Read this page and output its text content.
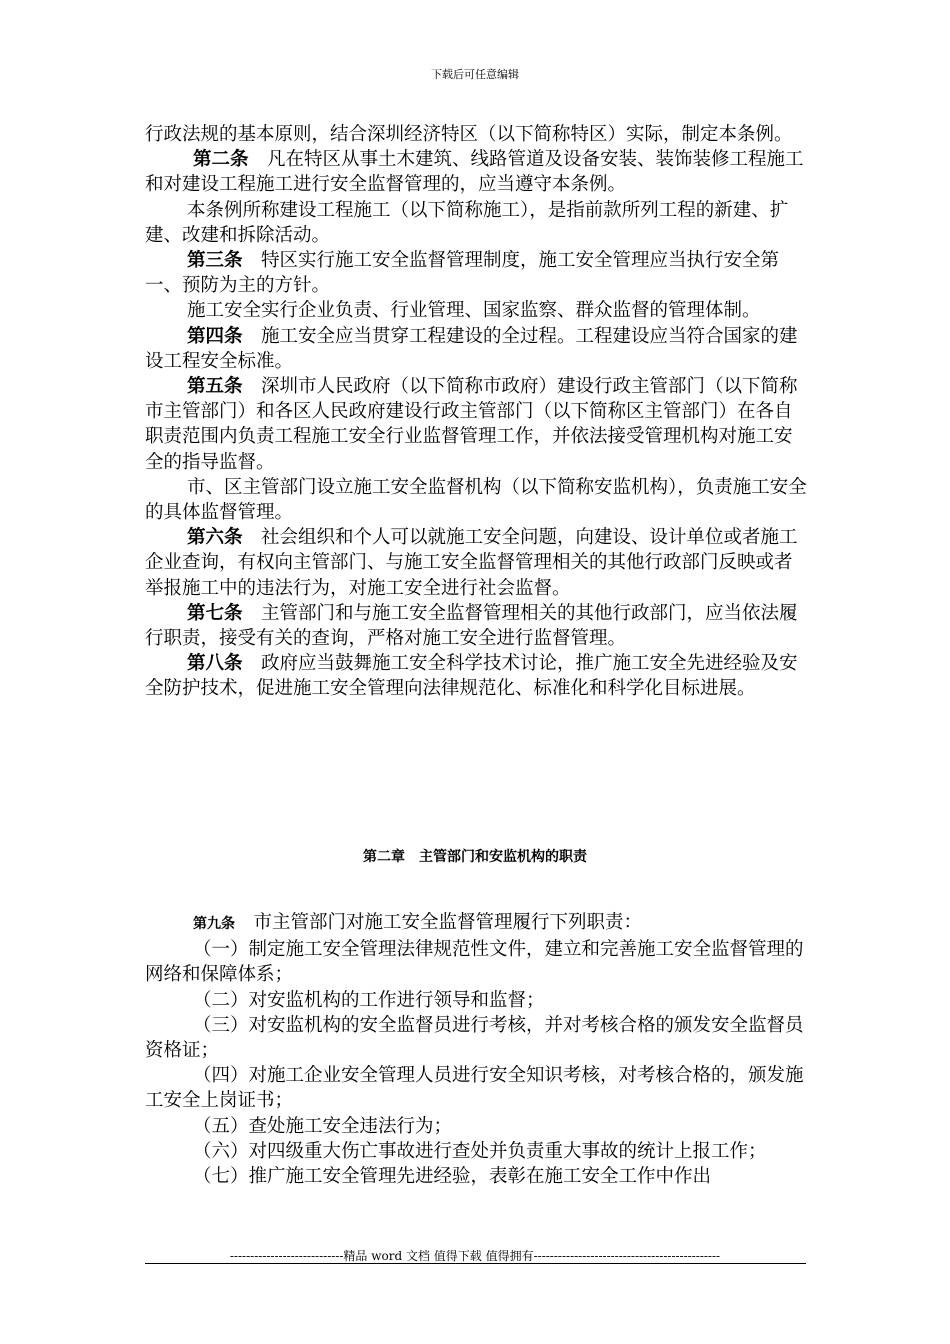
下载后可任意编辑

行政法规的基本原则，结合深圳经济特区（以下简称特区）实际，制定本条例。

第二条　凡在特区从事土木建筑、线路管道及设备安装、装饰装修工程施工和对建设工程施工进行安全监督管理的，应当遵守本条例。

本条例所称建设工程施工（以下简称施工），是指前款所列工程的新建、扩建、改建和拆除活动。

第三条　特区实行施工安全监督管理制度，施工安全管理应当执行安全第一、预防为主的方针。

施工安全实行企业负责、行业管理、国家监察、群众监督的管理体制。

第四条　施工安全应当贯穿工程建设的全过程。工程建设应当符合国家的建设工程安全标准。

第五条　深圳市人民政府（以下简称市政府）建设行政主管部门（以下简称市主管部门）和各区人民政府建设行政主管部门（以下简称区主管部门）在各自职责范围内负责工程施工安全行业监督管理工作，并依法接受管理机构对施工安全的指导监督。

市、区主管部门设立施工安全监督机构（以下简称安监机构），负责施工安全的具体监督管理。

第六条　社会组织和个人可以就施工安全问题，向建设、设计单位或者施工企业查询，有权向主管部门、与施工安全监督管理相关的其他行政部门反映或者举报施工中的违法行为，对施工安全进行社会监督。

第七条　主管部门和与施工安全监督管理相关的其他行政部门，应当依法履行职责，接受有关的查询，严格对施工安全进行监督管理。

第八条　政府应当鼓舞施工安全科学技术讨论，推广施工安全先进经验及安全防护技术，促进施工安全管理向法律规范化、标准化和科学化目标进展。

第二章　主管部门和安监机构的职责

第九条　市主管部门对施工安全监督管理履行下列职责：

（一）制定施工安全管理法律规范性文件，建立和完善施工安全监督管理的网络和保障体系；

（二）对安监机构的工作进行领导和监督；

（三）对安监机构的安全监督员进行考核，并对考核合格的颁发安全监督员资格证；

（四）对施工企业安全管理人员进行安全知识考核，对考核合格的，颁发施工安全上岗证书；

（五）查处施工安全违法行为；

（六）对四级重大伤亡事故进行查处并负责重大事故的统计上报工作；

（七）推广施工安全管理先进经验，表彰在施工安全工作中作出

----------------------------精品 word 文档 值得下载 值得拥有----------------------------------------------
